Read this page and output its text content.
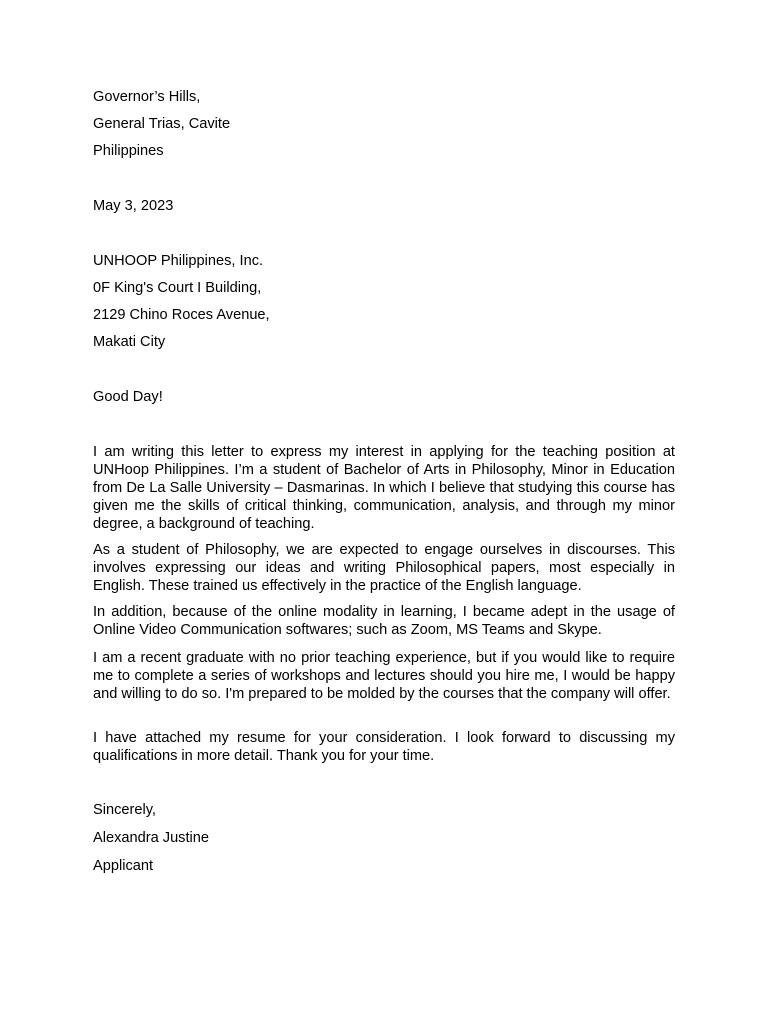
Governor’s Hills,
General Trias, Cavite
Philippines
May 3, 2023
UNHOOP Philippines, Inc.
0F King's Court I Building,
2129 Chino Roces Avenue,
Makati City
Good Day!

I am writing this letter to express my interest in applying for the teaching position at UNHoop Philippines. I’m a student of Bachelor of Arts in Philosophy, Minor in Education from De La Salle University – Dasmarinas. In which I believe that studying this course has given me the skills of critical thinking, communication, analysis, and through my minor degree, a background of teaching.

As a student of Philosophy, we are expected to engage ourselves in discourses. This involves expressing our ideas and writing Philosophical papers, most especially in English. These trained us effectively in the practice of the English language.

In addition, because of the online modality in learning, I became adept in the usage of Online Video Communication softwares; such as Zoom, MS Teams and Skype.

I am a recent graduate with no prior teaching experience, but if you would like to require me to complete a series of workshops and lectures should you hire me, I would be happy and willing to do so. I'm prepared to be molded by the courses that the company will offer.

I have attached my resume for your consideration. I look forward to discussing my qualifications in more detail. Thank you for your time.

Sincerely,
Alexandra Justine
Applicant
